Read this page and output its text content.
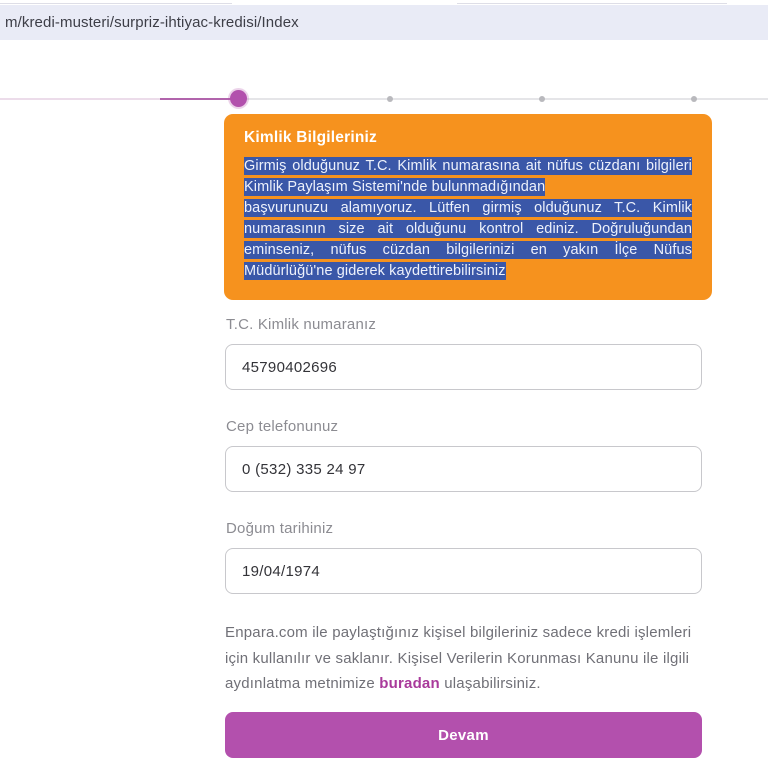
m/kredi-musteri/surpriz-ihtiyac-kredisi/Index
Kimlik Bilgileriniz
Girmiş olduğunuz T.C. Kimlik numarasına ait nüfus cüzdanı bilgileri Kimlik Paylaşım Sistemi'nde bulunmadığından
başvurunuzu alamıyoruz. Lütfen girmiş olduğunuz T.C. Kimlik numarasının size ait olduğunu kontrol ediniz. Doğruluğundan eminseniz, nüfus cüzdan bilgilerinizi en yakın İlçe Nüfus Müdürlüğü'ne giderek kaydettirebilirsiniz
T.C. Kimlik numaranız
45790402696
Cep telefonunuz
0 (532) 335 24 97
Doğum tarihiniz
19/04/1974
Enpara.com ile paylaştığınız kişisel bilgileriniz sadece kredi işlemleri için kullanılır ve saklanır. Kişisel Verilerin Korunması Kanunu ile ilgili aydınlatma metnimize buradan ulaşabilirsiniz.
Devam
